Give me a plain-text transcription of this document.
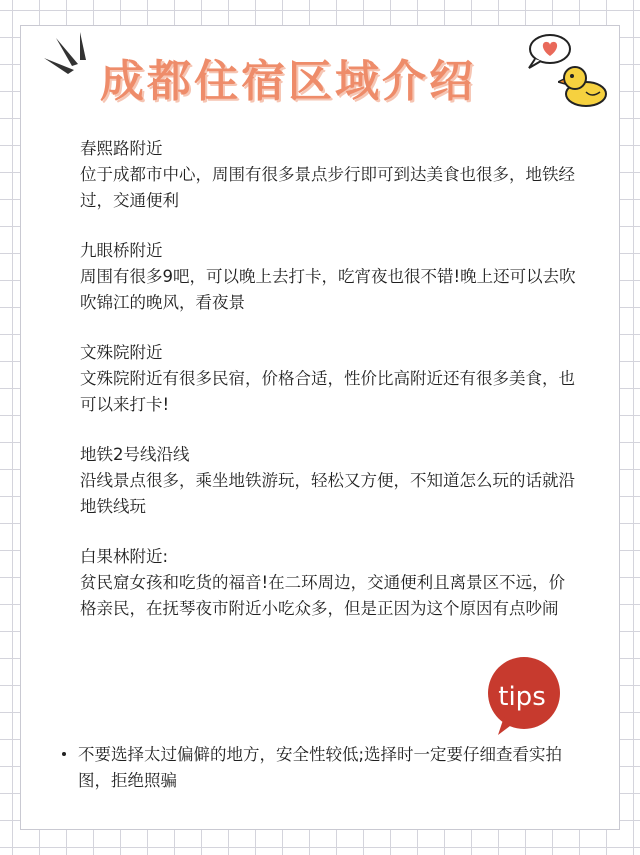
成都住宿区域介绍

春熙路附近

位于成都市中心，周围有很多景点步行即可到达美食也很多，地铁经过，交通便利

九眼桥附近

周围有很多9吧，可以晚上去打卡，吃宵夜也很不错!晚上还可以去吹吹锦江的晚风，看夜景

文殊院附近

文殊院附近有很多民宿，价格合适，性价比高附近还有很多美食，也可以来打卡!

地铁2号线沿线

沿线景点很多，乘坐地铁游玩，轻松又方便，不知道怎么玩的话就沿地铁线玩

白果林附近:

贫民窟女孩和吃货的福音!在二环周边，交通便利且离景区不远，价格亲民，在抚琴夜市附近小吃众多，但是正因为这个原因有点吵闹

tips

不要选择太过偏僻的地方，安全性较低;选择时一定要仔细查看实拍图，拒绝照骗
